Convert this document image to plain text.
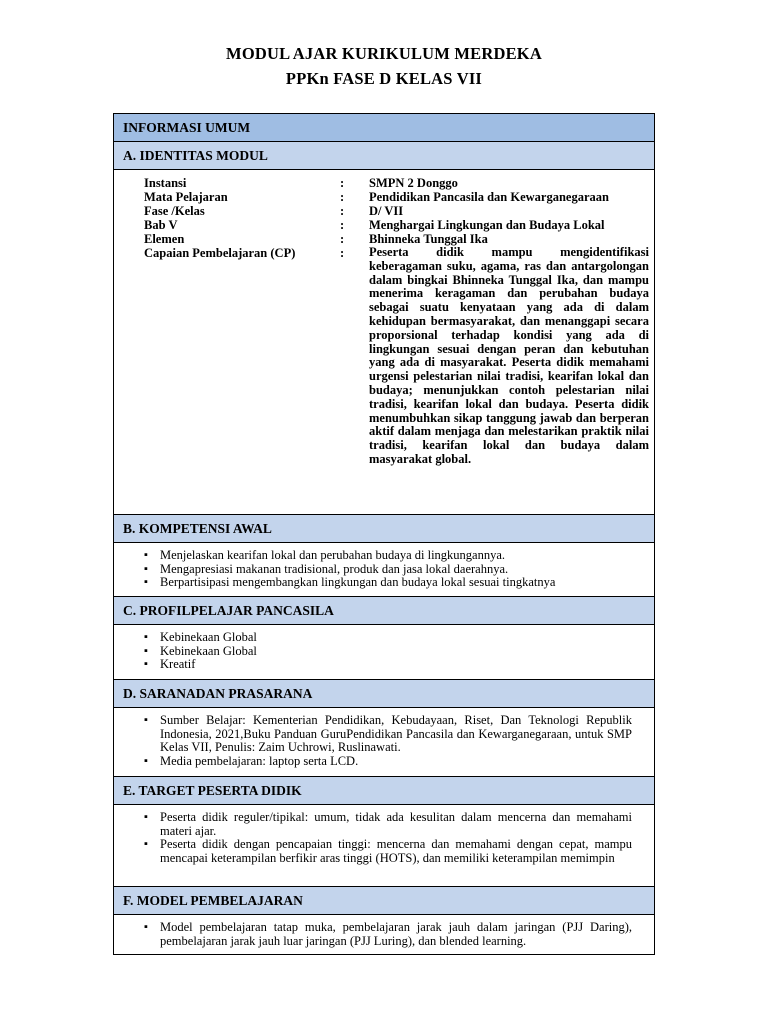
MODUL AJAR KURIKULUM MERDEKA
PPKn FASE D KELAS VII
INFORMASI UMUM
A. IDENTITAS MODUL
Instansi	: SMPN 2 Donggo
Mata Pelajaran	: Pendidikan Pancasila dan Kewarganegaraan
Fase /Kelas	: D/ VII
Bab V	: Menghargai Lingkungan dan Budaya Lokal
Elemen	: Bhinneka Tunggal Ika
Capaian Pembelajaran (CP)	: Peserta didik mampu mengidentifikasi keberagaman suku, agama, ras dan antargolongan dalam bingkai Bhinneka Tunggal Ika, dan mampu menerima keragaman dan perubahan budaya sebagai suatu kenyataan yang ada di dalam kehidupan bermasyarakat, dan menanggapi secara proporsional terhadap kondisi yang ada di lingkungan sesuai dengan peran dan kebutuhan yang ada di masyarakat. Peserta didik memahami urgensi pelestarian nilai tradisi, kearifan lokal dan budaya; menunjukkan contoh pelestarian nilai tradisi, kearifan lokal dan budaya. Peserta didik menumbuhkan sikap tanggung jawab dan berperan aktif dalam menjaga dan melestarikan praktik nilai tradisi, kearifan lokal dan budaya dalam masyarakat global.
B. KOMPETENSI AWAL
▪ Menjelaskan kearifan lokal dan perubahan budaya di lingkungannya.
▪ Mengapresiasi makanan tradisional, produk dan jasa lokal daerahnya.
▪ Berpartisipasi mengembangkan lingkungan dan budaya lokal sesuai tingkatnya
C. PROFILPELAJAR PANCASILA
▪ Kebinekaan Global
▪ Kebinekaan Global
▪ Kreatif
D. SARANADAN PRASARANA
▪ Sumber Belajar: Kementerian Pendidikan, Kebudayaan, Riset, Dan Teknologi Republik Indonesia, 2021,Buku Panduan GuruPendidikan Pancasila dan Kewarganegaraan, untuk SMP Kelas VII, Penulis: Zaim Uchrowi, Ruslinawati.
▪ Media pembelajaran: laptop serta LCD.
E. TARGET PESERTA DIDIK
▪ Peserta didik reguler/tipikal: umum, tidak ada kesulitan dalam mencerna dan memahami materi ajar.
▪ Peserta didik dengan pencapaian tinggi: mencerna dan memahami dengan cepat, mampu mencapai keterampilan berfikir aras tinggi (HOTS), dan memiliki keterampilan memimpin
F. MODEL PEMBELAJARAN
▪ Model pembelajaran tatap muka, pembelajaran jarak jauh dalam jaringan (PJJ Daring), pembelajaran jarak jauh luar jaringan (PJJ Luring), dan blended learning.
